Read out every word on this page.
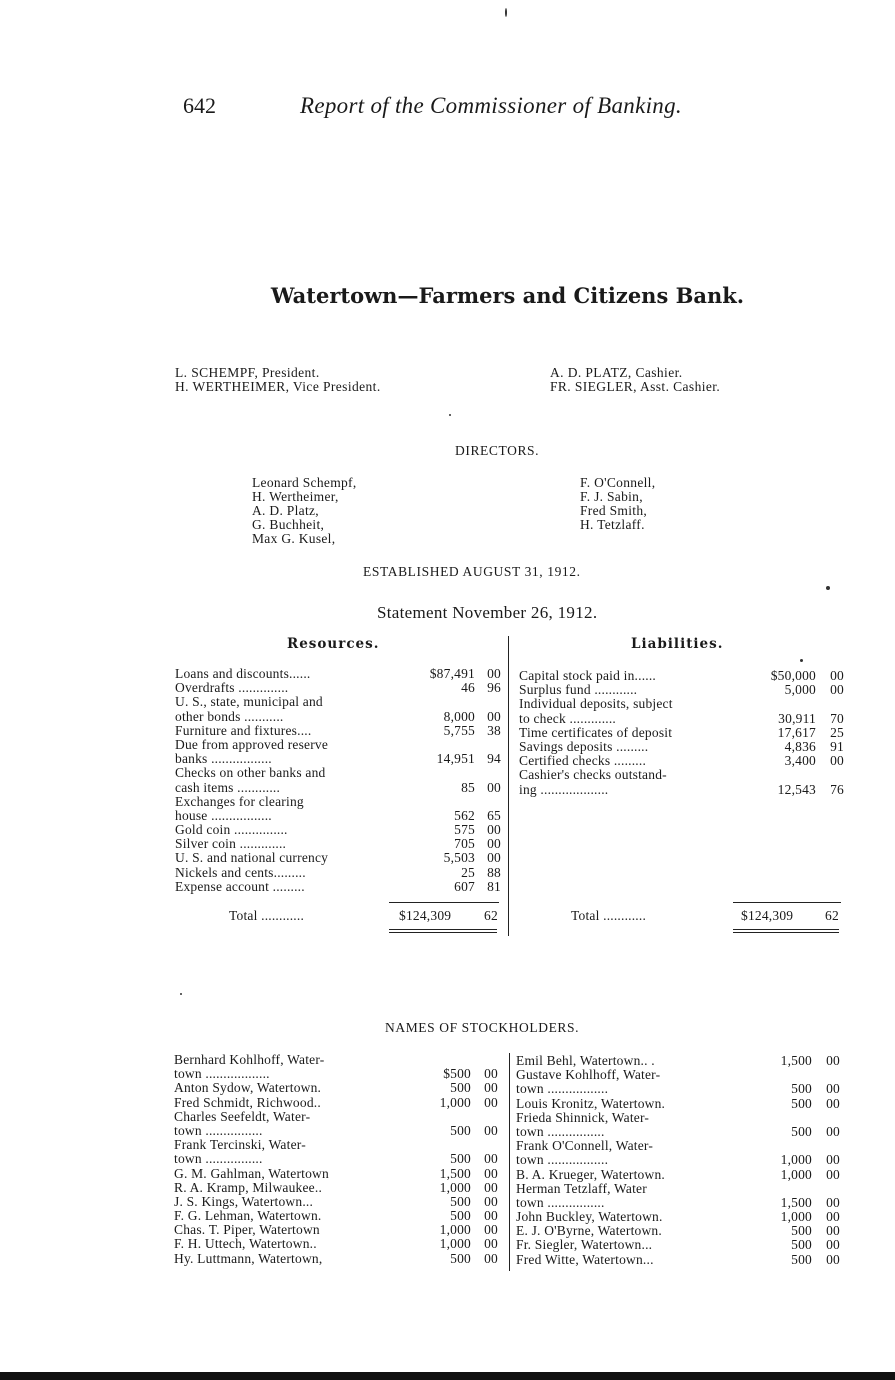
642	Report of the Commissioner of Banking.
Watertown—Farmers and Citizens Bank.
L. SCHEMPF, President.
H. WERTHEIMER, Vice President.
A. D. PLATZ, Cashier.
FR. SIEGLER, Asst. Cashier.
DIRECTORS.
Leonard Schempf,
H. Wertheimer,
A. D. Platz,
G. Buchheit,
Max G. Kusel,
F. O'Connell,
F. J. Sabin,
Fred Smith,
H. Tetzlaff.
ESTABLISHED AUGUST 31, 1912.
Statement November 26, 1912.
Resources.	Liabilities.
Loans and discounts......	$87,491 00
Overdrafts ..............	46 96
U. S., state, municipal and
other bonds ...........	8,000 00
Furniture and fixtures....	5,755 38
Due from approved reserve
banks .................	14,951 94
Checks on other banks and
cash items ............	85 00
Exchanges for clearing
house .................	562 65
Gold coin ...............	575 00
Silver coin .............	705 00
U. S. and national currency	5,503 00
Nickels and cents.........	25 88
Expense account .........	607 81
Capital stock paid in......	$50,000 00
Surplus fund ............	5,000 00
Individual deposits, subject
to check .............	30,911 70
Time certificates of deposit	17,617 25
Savings deposits .........	4,836 91
Certified checks .........	3,400 00
Cashier's checks outstand-
ing ...................	12,543 76
Total ............	$124,309 62	Total ............	$124,309 62
NAMES OF STOCKHOLDERS.
Bernhard Kohlhoff, Water-
town ..................	$500 00
Anton Sydow, Watertown.	500 00
Fred Schmidt, Richwood..	1,000 00
Charles Seefeldt, Water-
town ................	500 00
Frank Tercinski, Water-
town ................	500 00
G. M. Gahlman, Watertown	1,500 00
R. A. Kramp, Milwaukee..	1,000 00
J. S. Kings, Watertown...	500 00
F. G. Lehman, Watertown.	500 00
Chas. T. Piper, Watertown	1,000 00
F. H. Uttech, Watertown..	1,000 00
Hy. Luttmann, Watertown,	500 00
Emil Behl, Watertown.. .	1,500 00
Gustave Kohlhoff, Water-
town .................	500 00
Louis Kronitz, Watertown.	500 00
Frieda Shinnick, Water-
town ................	500 00
Frank O'Connell, Water-
town .................	1,000 00
B. A. Krueger, Watertown.	1,000 00
Herman Tetzlaff, Water
town ................	1,500 00
John Buckley, Watertown.	1,000 00
E. J. O'Byrne, Watertown.	500 00
Fr. Siegler, Watertown...	500 00
Fred Witte, Watertown...	500 00
